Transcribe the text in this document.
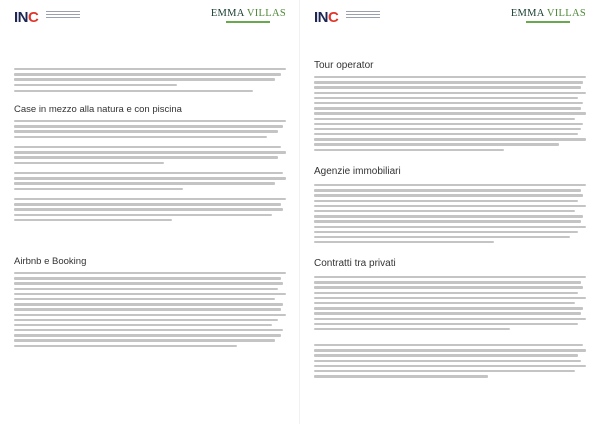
INC	EMMA VILLAS
Case in mezzo alla natura e con piscina
Airbnb e Booking
INC	EMMA VILLAS
Tour operator
Agenzie immobiliari
Contratti tra privati
